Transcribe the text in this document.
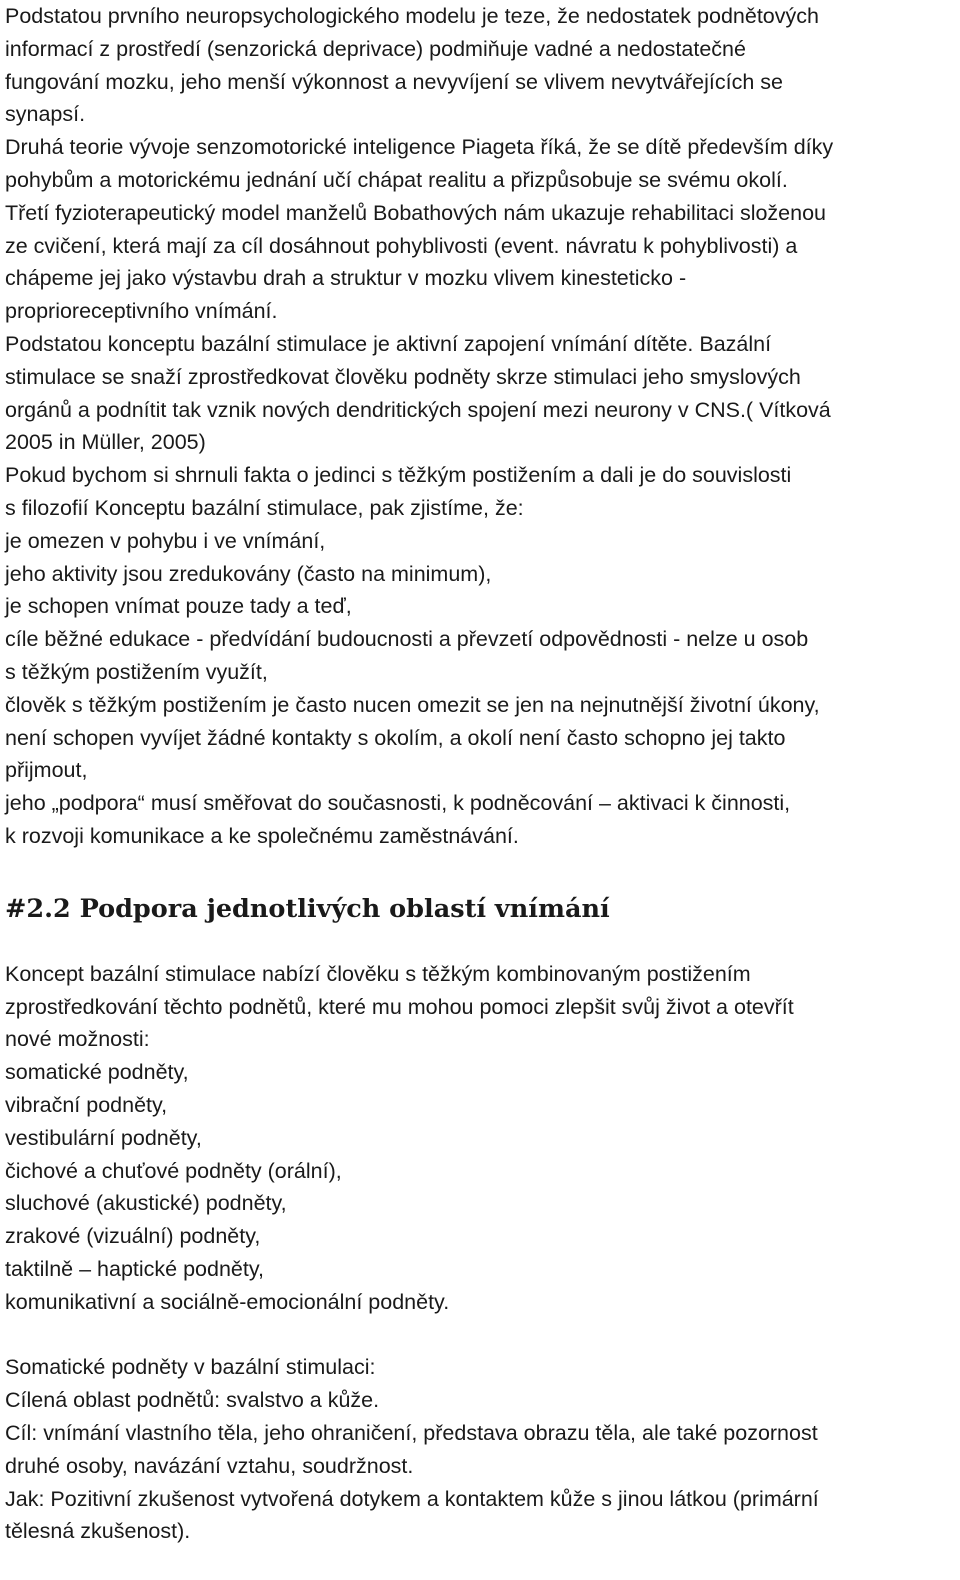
Podstatou prvního neuropsychologického modelu je teze, že nedostatek podnětových
informací z prostředí (senzorická deprivace) podmiňuje vadné a nedostatečné
fungování mozku, jeho menší výkonnost a nevyvíjení se vlivem nevytvářejících se
synapsí.
Druhá teorie vývoje senzomotorické inteligence Piageta říká, že se dítě především díky
pohybům a motorickému jednání učí chápat realitu a přizpůsobuje se svému okolí.
Třetí fyzioterapeutický model manželů Bobathových nám ukazuje rehabilitaci složenou
ze cvičení, která mají za cíl dosáhnout pohyblivosti (event. návratu k pohyblivosti) a
chápeme jej jako výstavbu drah a struktur v mozku vlivem kinesteticko -
proprioreceptivního vnímání.
Podstatou konceptu bazální stimulace je aktivní zapojení vnímání dítěte. Bazální
stimulace se snaží zprostředkovat člověku podněty skrze stimulaci jeho smyslových
orgánů a podnítit tak vznik nových dendritických spojení mezi neurony v CNS.( Vítková
2005 in Müller, 2005)
Pokud bychom si shrnuli fakta o jedinci s těžkým postižením a dali je do souvislosti
s filozofií Konceptu bazální stimulace, pak zjistíme, že:
je omezen v pohybu i ve vnímání,
jeho aktivity jsou zredukovány (často na minimum),
je schopen vnímat pouze tady a teď,
cíle běžné edukace - předvídání budoucnosti a převzetí odpovědnosti - nelze u osob
s těžkým postižením využít,
člověk s těžkým postižením je často nucen omezit se jen na nejnutnější životní úkony,
není schopen vyvíjet žádné kontakty s okolím, a okolí není často schopno jej takto
přijmout,
jeho „podpora“ musí směřovat do současnosti, k podněcování – aktivaci k činnosti,
k rozvoji komunikace a ke společnému zaměstnávání.
#2.2 Podpora jednotlivých oblastí vnímání
Koncept bazální stimulace nabízí člověku s těžkým kombinovaným postižením
zprostředkování těchto podnětů, které mu mohou pomoci zlepšit svůj život a otevřít
nové možnosti:
somatické podněty,
vibrační podněty,
vestibulární podněty,
čichové a chuťové podněty (orální),
sluchové (akustické) podněty,
zrakové (vizuální) podněty,
taktilně – haptické podněty,
komunikativní a sociálně-emocionální podněty.
Somatické podněty v bazální stimulaci:
Cílená oblast podnětů: svalstvo a kůže.
Cíl: vnímání vlastního těla, jeho ohraničení, představa obrazu těla, ale také pozornost
druhé osoby, navázání vztahu, soudržnost.
Jak: Pozitivní zkušenost vytvořená dotykem a kontaktem kůže s jinou látkou (primární
tělesná zkušenost).
